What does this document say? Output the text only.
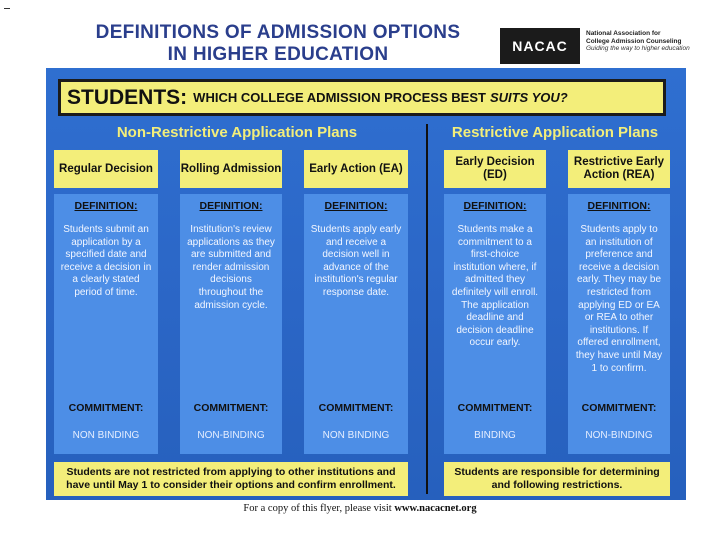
DEFINITIONS OF ADMISSION OPTIONS
IN HIGHER EDUCATION	NACAC
National Association for
College Admission Counseling
Guiding the way to higher education
STUDENTS: WHICH COLLEGE ADMISSION PROCESS BEST SUITS YOU?
Non-Restrictive Application Plans	Restrictive Application Plans
Regular Decision
DEFINITION:
Students submit an application by a specified date and receive a decision in a clearly stated period of time.
COMMITMENT:
NON BINDING
Rolling Admission
DEFINITION:
Institution's review applications as they are submitted and render admission decisions throughout the admission cycle.
COMMITMENT:
NON-BINDING
Early Action (EA)
DEFINITION:
Students apply early and receive a decision well in advance of the institution's regular response date.
COMMITMENT:
NON BINDING
Early Decision (ED)
DEFINITION:
Students make a commitment to a first-choice institution where, if admitted they definitely will enroll. The application deadline and decision deadline occur early.
COMMITMENT:
BINDING
Restrictive Early Action (REA)
DEFINITION:
Students apply to an institution of preference and receive a decision early. They may be restricted from applying ED or EA or REA to other institutions. If offered enrollment, they have until May 1 to confirm.
COMMITMENT:
NON-BINDING
Students are not restricted from applying to other institutions and have until May 1 to consider their options and confirm enrollment.
Students are responsible for determining and following restrictions.
For a copy of this flyer, please visit www.nacacnet.org
